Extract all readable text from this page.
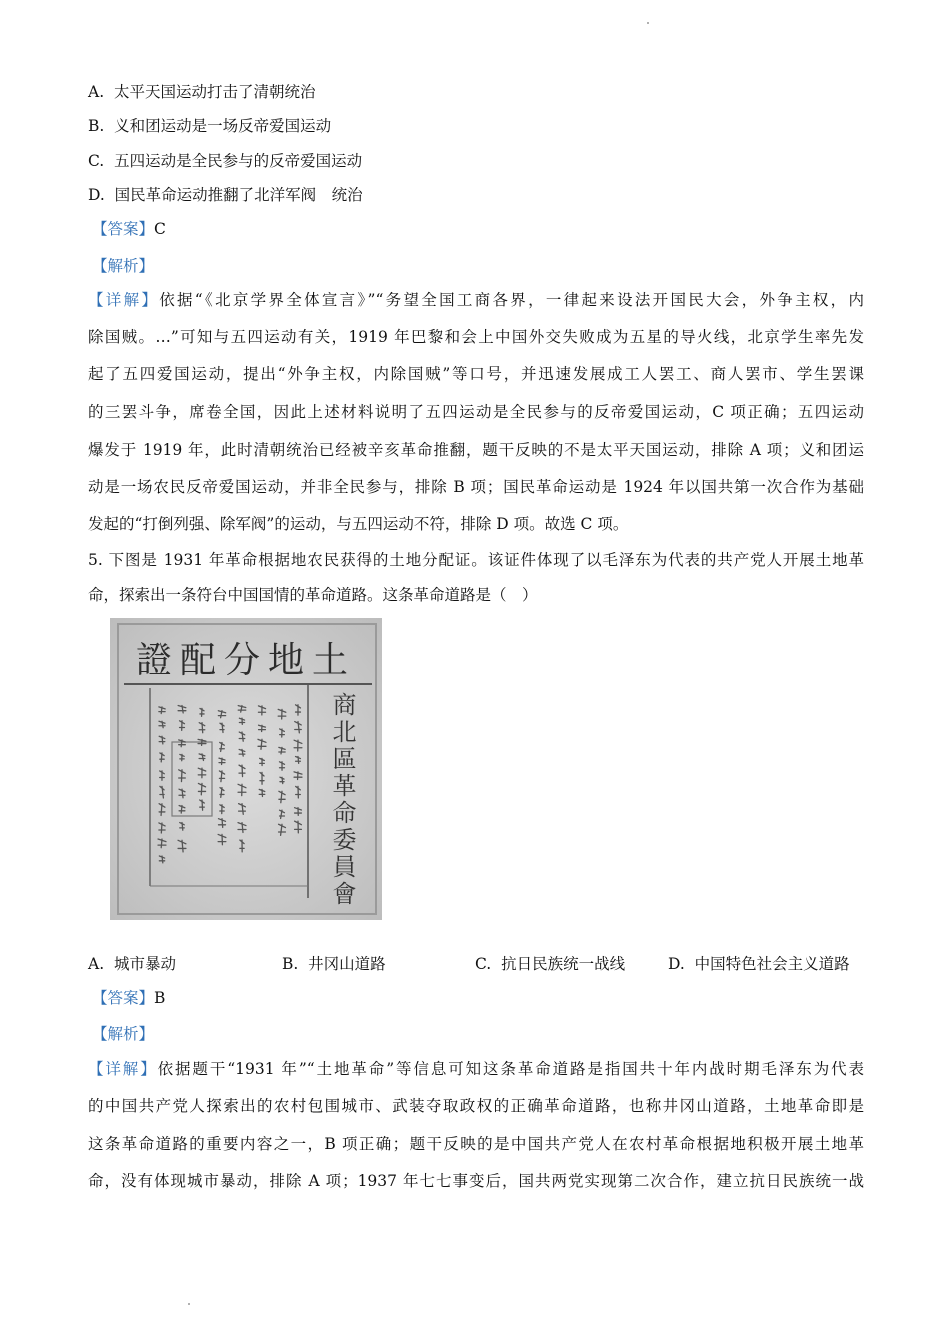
A.  太平天国运动打击了清朝统治
B.  义和团运动是一场反帝爱国运动
C.  五四运动是全民参与的反帝爱国运动
D.  国民革命运动推翻了北洋军阀　统治
【答案】C
【解析】
【详解】依据“《北京学界全体宣言》”“务望全国工商各界，一律起来设法开国民大会，外争主权，内
除国贼。…”可知与五四运动有关，1919 年巴黎和会上中国外交失败成为五星的导火线，北京学生率先发
起了五四爱国运动，提出“外争主权，内除国贼”等口号，并迅速发展成工人罢工、商人罢市、学生罢课
的三罢斗争，席卷全国，因此上述材料说明了五四运动是全民参与的反帝爱国运动，C 项正确；五四运动
爆发于 1919 年，此时清朝统治已经被辛亥革命推翻，题干反映的不是太平天国运动，排除 A 项；义和团运
动是一场农民反帝爱国运动，并非全民参与，排除 B 项；国民革命运动是 1924 年以国共第一次合作为基础
发起的“打倒列强、除军阀”的运动，与五四运动不符，排除 D 项。故选 C 项。
5. 下图是 1931 年革命根据地农民获得的土地分配证。该证件体现了以毛泽东为代表的共产党人开展土地革
命，探索出一条符台中国国情的革命道路。这条革命道路是（　）
證配分地土
商北區革命委員會
A.  城市暴动	B.  井冈山道路	C.  抗日民族统一战线	D.  中国特色社会主义道路
【答案】B
【解析】
【详解】依据题干“1931 年”“土地革命”等信息可知这条革命道路是指国共十年内战时期毛泽东为代表
的中国共产党人探索出的农村包围城市、武装夺取政权的正确革命道路，也称井冈山道路，土地革命即是
这条革命道路的重要内容之一，B 项正确；题干反映的是中国共产党人在农村革命根据地积极开展土地革
命，没有体现城市暴动，排除 A 项；1937 年七七事变后，国共两党实现第二次合作，建立抗日民族统一战
